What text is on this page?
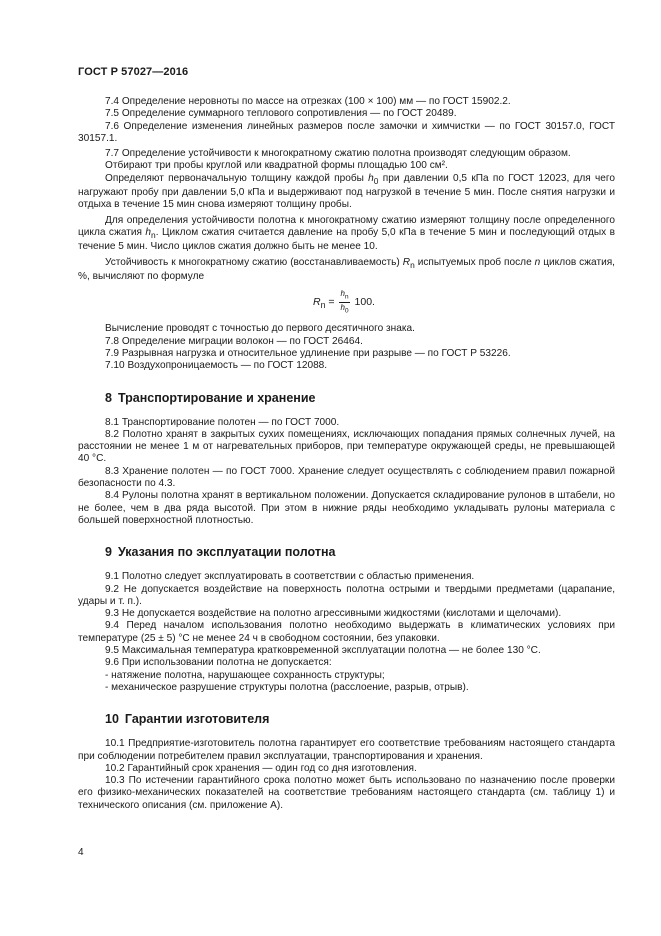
ГОСТ Р 57027—2016

7.4 Определение неровноты по массе на отрезках (100 × 100) мм — по ГОСТ 15902.2.

7.5 Определение суммарного теплового сопротивления — по ГОСТ 20489.

7.6 Определение изменения линейных размеров после замочки и химчистки — по ГОСТ 30157.0, ГОСТ 30157.1.

7.7 Определение устойчивости к многократному сжатию полотна производят следующим образом.

Отбирают три пробы круглой или квадратной формы площадью 100 см².

Определяют первоначальную толщину каждой пробы $h_0$ при давлении 0,5 кПа по ГОСТ 12023, для чего нагружают пробу при давлении 5,0 кПа и выдерживают под нагрузкой в течение 5 мин. После снятия нагрузки и отдыха в течение 15 мин снова измеряют толщину пробы.

Для определения устойчивости полотна к многократному сжатию измеряют толщину после определенного цикла сжатия $h_n$. Циклом сжатия считается давление на пробу 5,0 кПа в течение 5 мин и последующий отдых в течение 5 мин. Число циклов сжатия должно быть не менее 10.

Устойчивость к многократному сжатию (восстанавливаемость) $R_n$ испытуемых проб после n циклов сжатия, %, вычисляют по формуле

$R_n = \frac{h_n}{h_0} 100$.

Вычисление проводят с точностью до первого десятичного знака.

7.8 Определение миграции волокон — по ГОСТ 26464.

7.9 Разрывная нагрузка и относительное удлинение при разрыве — по ГОСТ Р 53226.

7.10 Воздухопроницаемость — по ГОСТ 12088.

8 Транспортирование и хранение

8.1 Транспортирование полотен — по ГОСТ 7000.

8.2 Полотно хранят в закрытых сухих помещениях, исключающих попадания прямых солнечных лучей, на расстоянии не менее 1 м от нагревательных приборов, при температуре окружающей среды, не превышающей 40 °С.

8.3 Хранение полотен — по ГОСТ 7000. Хранение следует осуществлять с соблюдением правил пожарной безопасности по 4.3.

8.4 Рулоны полотна хранят в вертикальном положении. Допускается складирование рулонов в штабели, но не более, чем в два ряда высотой. При этом в нижние ряды необходимо укладывать рулоны материала с большей поверхностной плотностью.

9 Указания по эксплуатации полотна

9.1 Полотно следует эксплуатировать в соответствии с областью применения.

9.2 Не допускается воздействие на поверхность полотна острыми и твердыми предметами (царапание, удары и т. п.).

9.3 Не допускается воздействие на полотно агрессивными жидкостями (кислотами и щелочами).

9.4 Перед началом использования полотно необходимо выдержать в климатических условиях при температуре (25 ± 5) °С не менее 24 ч в свободном состоянии, без упаковки.

9.5 Максимальная температура кратковременной эксплуатации полотна — не более 130 °С.

9.6 При использовании полотна не допускается:

- натяжение полотна, нарушающее сохранность структуры;

- механическое разрушение структуры полотна (расслоение, разрыв, отрыв).

10 Гарантии изготовителя

10.1 Предприятие-изготовитель полотна гарантирует его соответствие требованиям настоящего стандарта при соблюдении потребителем правил эксплуатации, транспортирования и хранения.

10.2 Гарантийный срок хранения — один год со дня изготовления.

10.3 По истечении гарантийного срока полотно может быть использовано по назначению после проверки его физико-механических показателей на соответствие требованиям настоящего стандарта (см. таблицу 1) и технического описания (см. приложение А).

4
